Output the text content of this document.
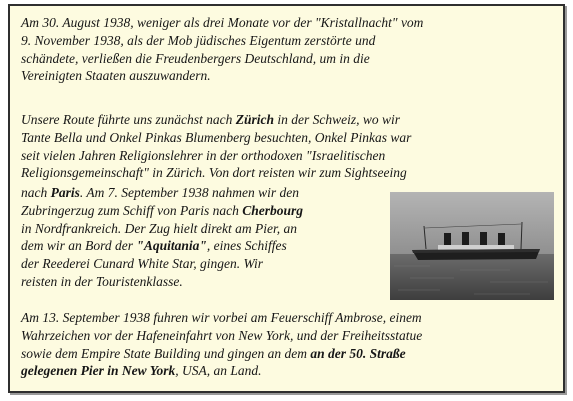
Am 30. August 1938, weniger als drei Monate vor der "Kristallnacht" vom
9. November 1938, als der Mob jüdisches Eigentum zerstörte und
schändete, verließen die Freudenbergers Deutschland, um in die
Vereinigten Staaten auszuwandern.
Unsere Route führte uns zunächst nach Zürich in der Schweiz, wo wir
Tante Bella und Onkel Pinkas Blumenberg besuchten, Onkel Pinkas war
seit vielen Jahren Religionslehrer in der orthodoxen "Israelitischen
Religionsgemeinschaft" in Zürich. Von dort reisten wir zum Sightseeing
nach Paris. Am 7. September 1938 nahmen wir den
Zubringerzug zum Schiff von Paris nach Cherbourg
in Nordfrankreich. Der Zug hielt direkt am Pier, an
dem wir an Bord der "Aquitania", eines Schiffes
der Reederei Cunard White Star, gingen. Wir
reisten in der Touristenklasse.
Am 13. September 1938 fuhren wir vorbei am Feuerschiff Ambrose, einem
Wahrzeichen vor der Hafeneinfahrt von New York, und der Freiheitsstatue
sowie dem Empire State Building und gingen an dem an der 50. Straße
gelegenen Pier in New York, USA, an Land.
